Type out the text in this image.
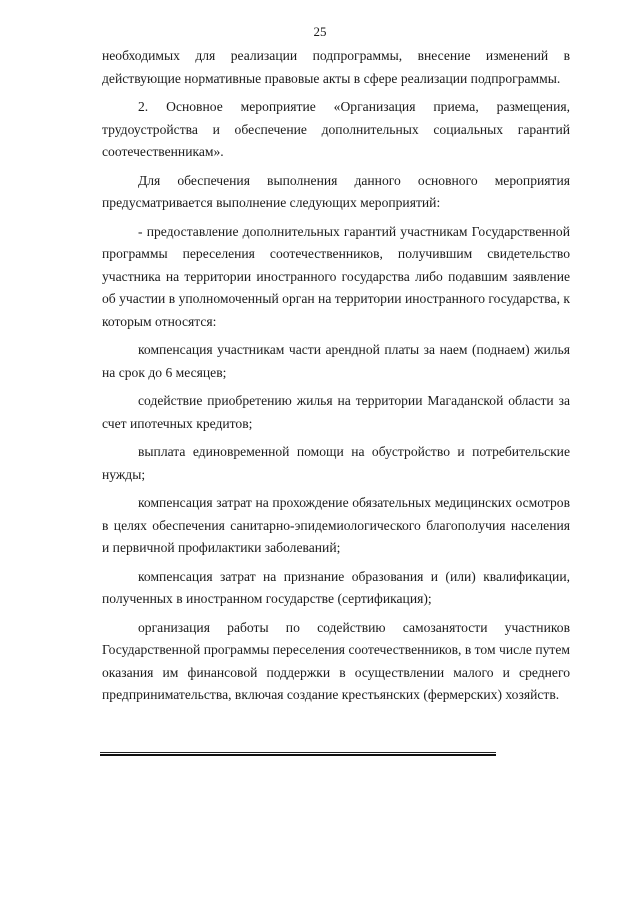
25

необходимых для реализации подпрограммы, внесение изменений в действующие нормативные правовые акты в сфере реализации подпрограммы.

2. Основное мероприятие «Организация приема, размещения, трудоустройства и обеспечение дополнительных социальных гарантий соотечественникам».

Для обеспечения выполнения данного основного мероприятия предусматривается выполнение следующих мероприятий:

- предоставление дополнительных гарантий участникам Государственной программы переселения соотечественников, получившим свидетельство участника на территории иностранного государства либо подавшим заявление об участии в уполномоченный орган на территории иностранного государства, к которым относятся:

компенсация участникам части арендной платы за наем (поднаем) жилья на срок до 6 месяцев;

содействие приобретению жилья на территории Магаданской области за счет ипотечных кредитов;

выплата единовременной помощи на обустройство и потребительские нужды;

компенсация затрат на прохождение обязательных медицинских осмотров в целях обеспечения санитарно-эпидемиологического благополучия населения и первичной профилактики заболеваний;

компенсация затрат на признание образования и (или) квалификации, полученных в иностранном государстве (сертификация);

организация работы по содействию самозанятости участников Государственной программы переселения соотечественников, в том числе путем оказания им финансовой поддержки в осуществлении малого и среднего предпринимательства, включая создание крестьянских (фермерских) хозяйств.
